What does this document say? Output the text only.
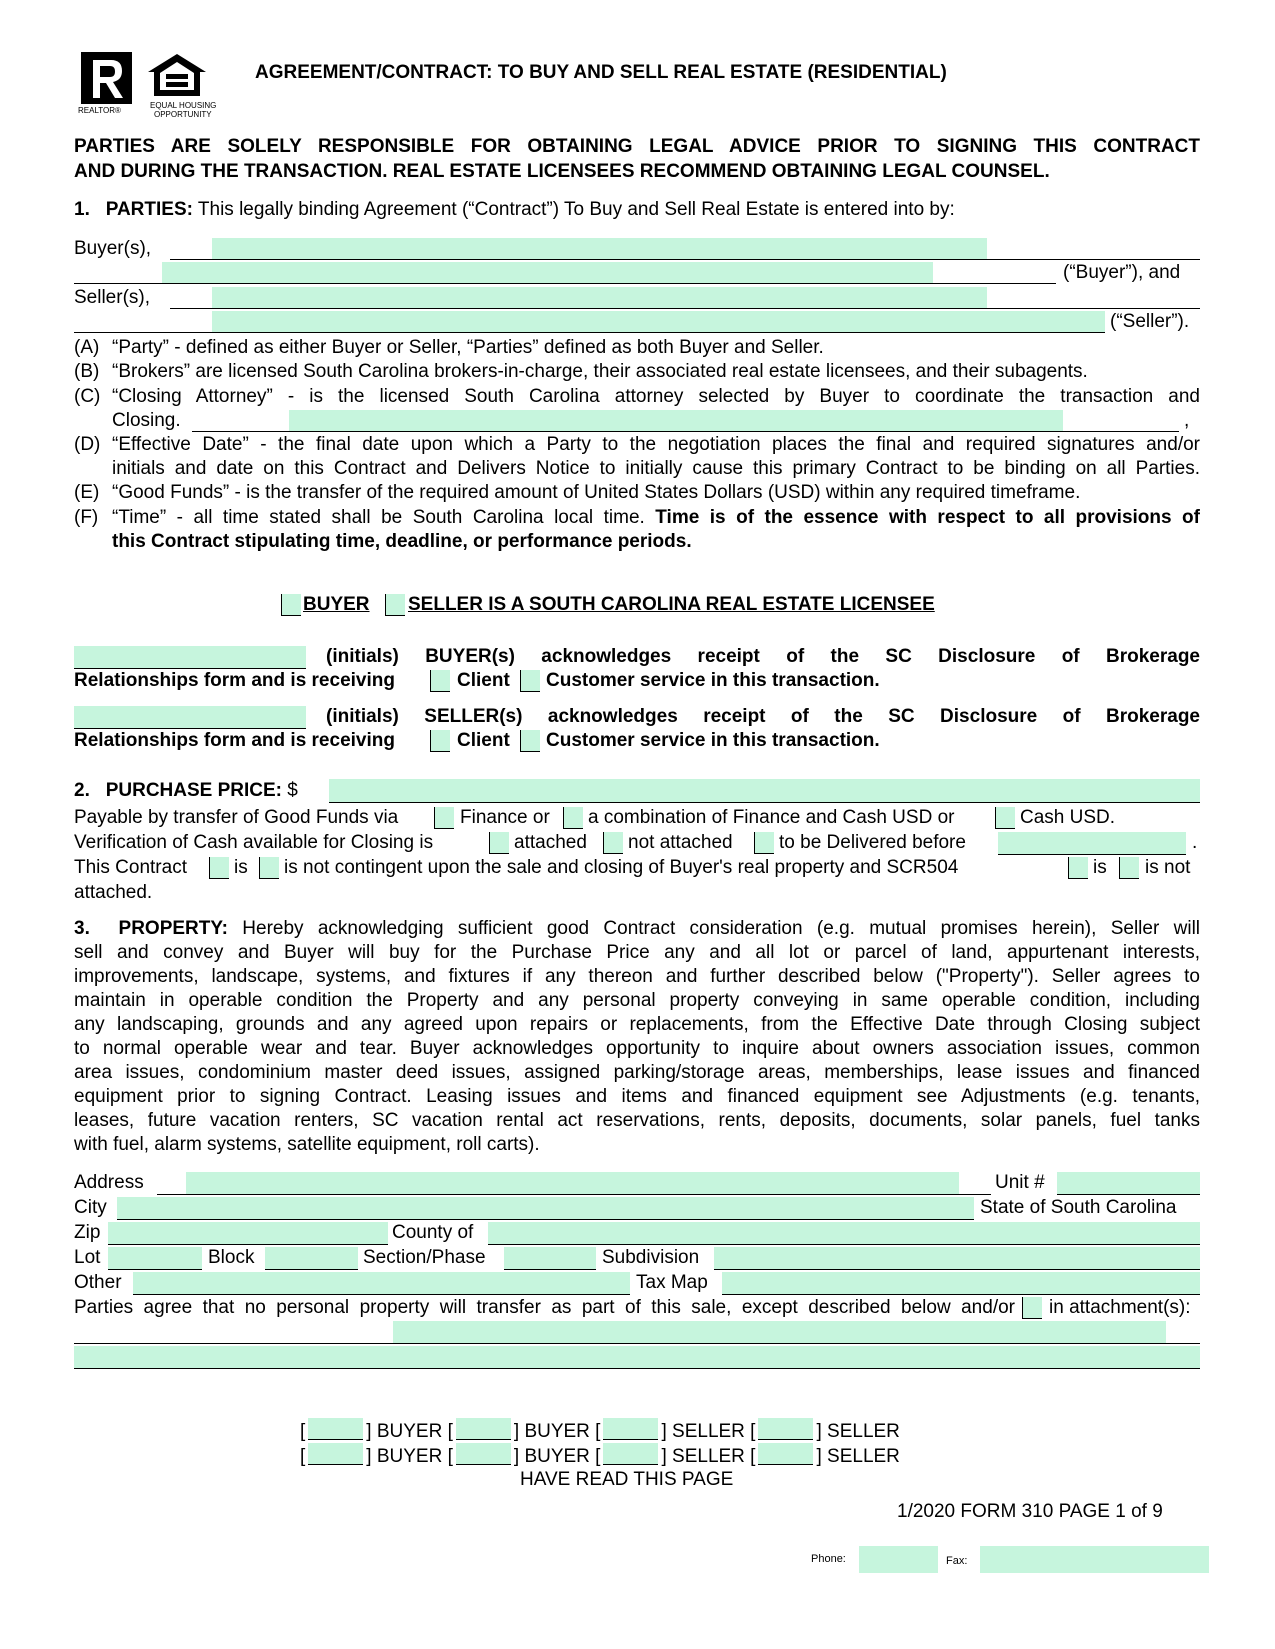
REALTOR®
EQUAL HOUSING
OPPORTUNITY
AGREEMENT/CONTRACT: TO BUY AND SELL REAL ESTATE (RESIDENTIAL)
PARTIES ARE SOLELY RESPONSIBLE FOR OBTAINING LEGAL ADVICE PRIOR TO SIGNING THIS CONTRACT
AND DURING THE TRANSACTION. REAL ESTATE LICENSEES RECOMMEND OBTAINING LEGAL COUNSEL.
1. PARTIES: This legally binding Agreement (“Contract”) To Buy and Sell Real Estate is entered into by:
Buyer(s),
(“Buyer”), and
Seller(s),
(“Seller”).
(A) “Party” - defined as either Buyer or Seller, “Parties” defined as both Buyer and Seller.
(B) “Brokers” are licensed South Carolina brokers-in-charge, their associated real estate licensees, and their subagents.
(C) “Closing Attorney” - is the licensed South Carolina attorney selected by Buyer to coordinate the transaction and
Closing.	,
(D) “Effective Date” - the final date upon which a Party to the negotiation places the final and required signatures and/or
initials and date on this Contract and Delivers Notice to initially cause this primary Contract to be binding on all Parties.
(E) “Good Funds” - is the transfer of the required amount of United States Dollars (USD) within any required timeframe.
(F) “Time” - all time stated shall be South Carolina local time. Time is of the essence with respect to all provisions of
this Contract stipulating time, deadline, or performance periods.
BUYER SELLER IS A SOUTH CAROLINA REAL ESTATE LICENSEE
(initials) BUYER(s) acknowledges receipt of the SC Disclosure of Brokerage
Relationships form and is receiving	Client Customer service in this transaction.
(initials) SELLER(s) acknowledges receipt of the SC Disclosure of Brokerage
Relationships form and is receiving	Client Customer service in this transaction.
2. PURCHASE PRICE: $
Payable by transfer of Good Funds via	Finance or a combination of Finance and Cash USD or	Cash USD.
Verification of Cash available for Closing is	attached not attached to be Delivered before	.
This Contract is is not contingent upon the sale and closing of Buyer's real property and SCR504	is is not
attached.
3. PROPERTY: Hereby acknowledging sufficient good Contract consideration (e.g. mutual promises herein), Seller will
sell and convey and Buyer will buy for the Purchase Price any and all lot or parcel of land, appurtenant interests,
improvements, landscape, systems, and fixtures if any thereon and further described below ("Property"). Seller agrees to
maintain in operable condition the Property and any personal property conveying in same operable condition, including
any landscaping, grounds and any agreed upon repairs or replacements, from the Effective Date through Closing subject
to normal operable wear and tear. Buyer acknowledges opportunity to inquire about owners association issues, common
area issues, condominium master deed issues, assigned parking/storage areas, memberships, lease issues and financed
equipment prior to signing Contract. Leasing issues and items and financed equipment see Adjustments (e.g. tenants,
leases, future vacation renters, SC vacation rental act reservations, rents, deposits, documents, solar panels, fuel tanks
with fuel, alarm systems, satellite equipment, roll carts).
Address	Unit #
City	State of South Carolina
Zip	County of
Lot	Block	Section/Phase	Subdivision
Other	Tax Map
Parties agree that no personal property will transfer as part of this sale, except described below and/or in attachment(s):
[	] BUYER [	] BUYER [	] SELLER [	] SELLER
[	] BUYER [	] BUYER [	] SELLER [	] SELLER
HAVE READ THIS PAGE
1/2020 FORM 310 PAGE 1 of 9
Phone:	Fax:
